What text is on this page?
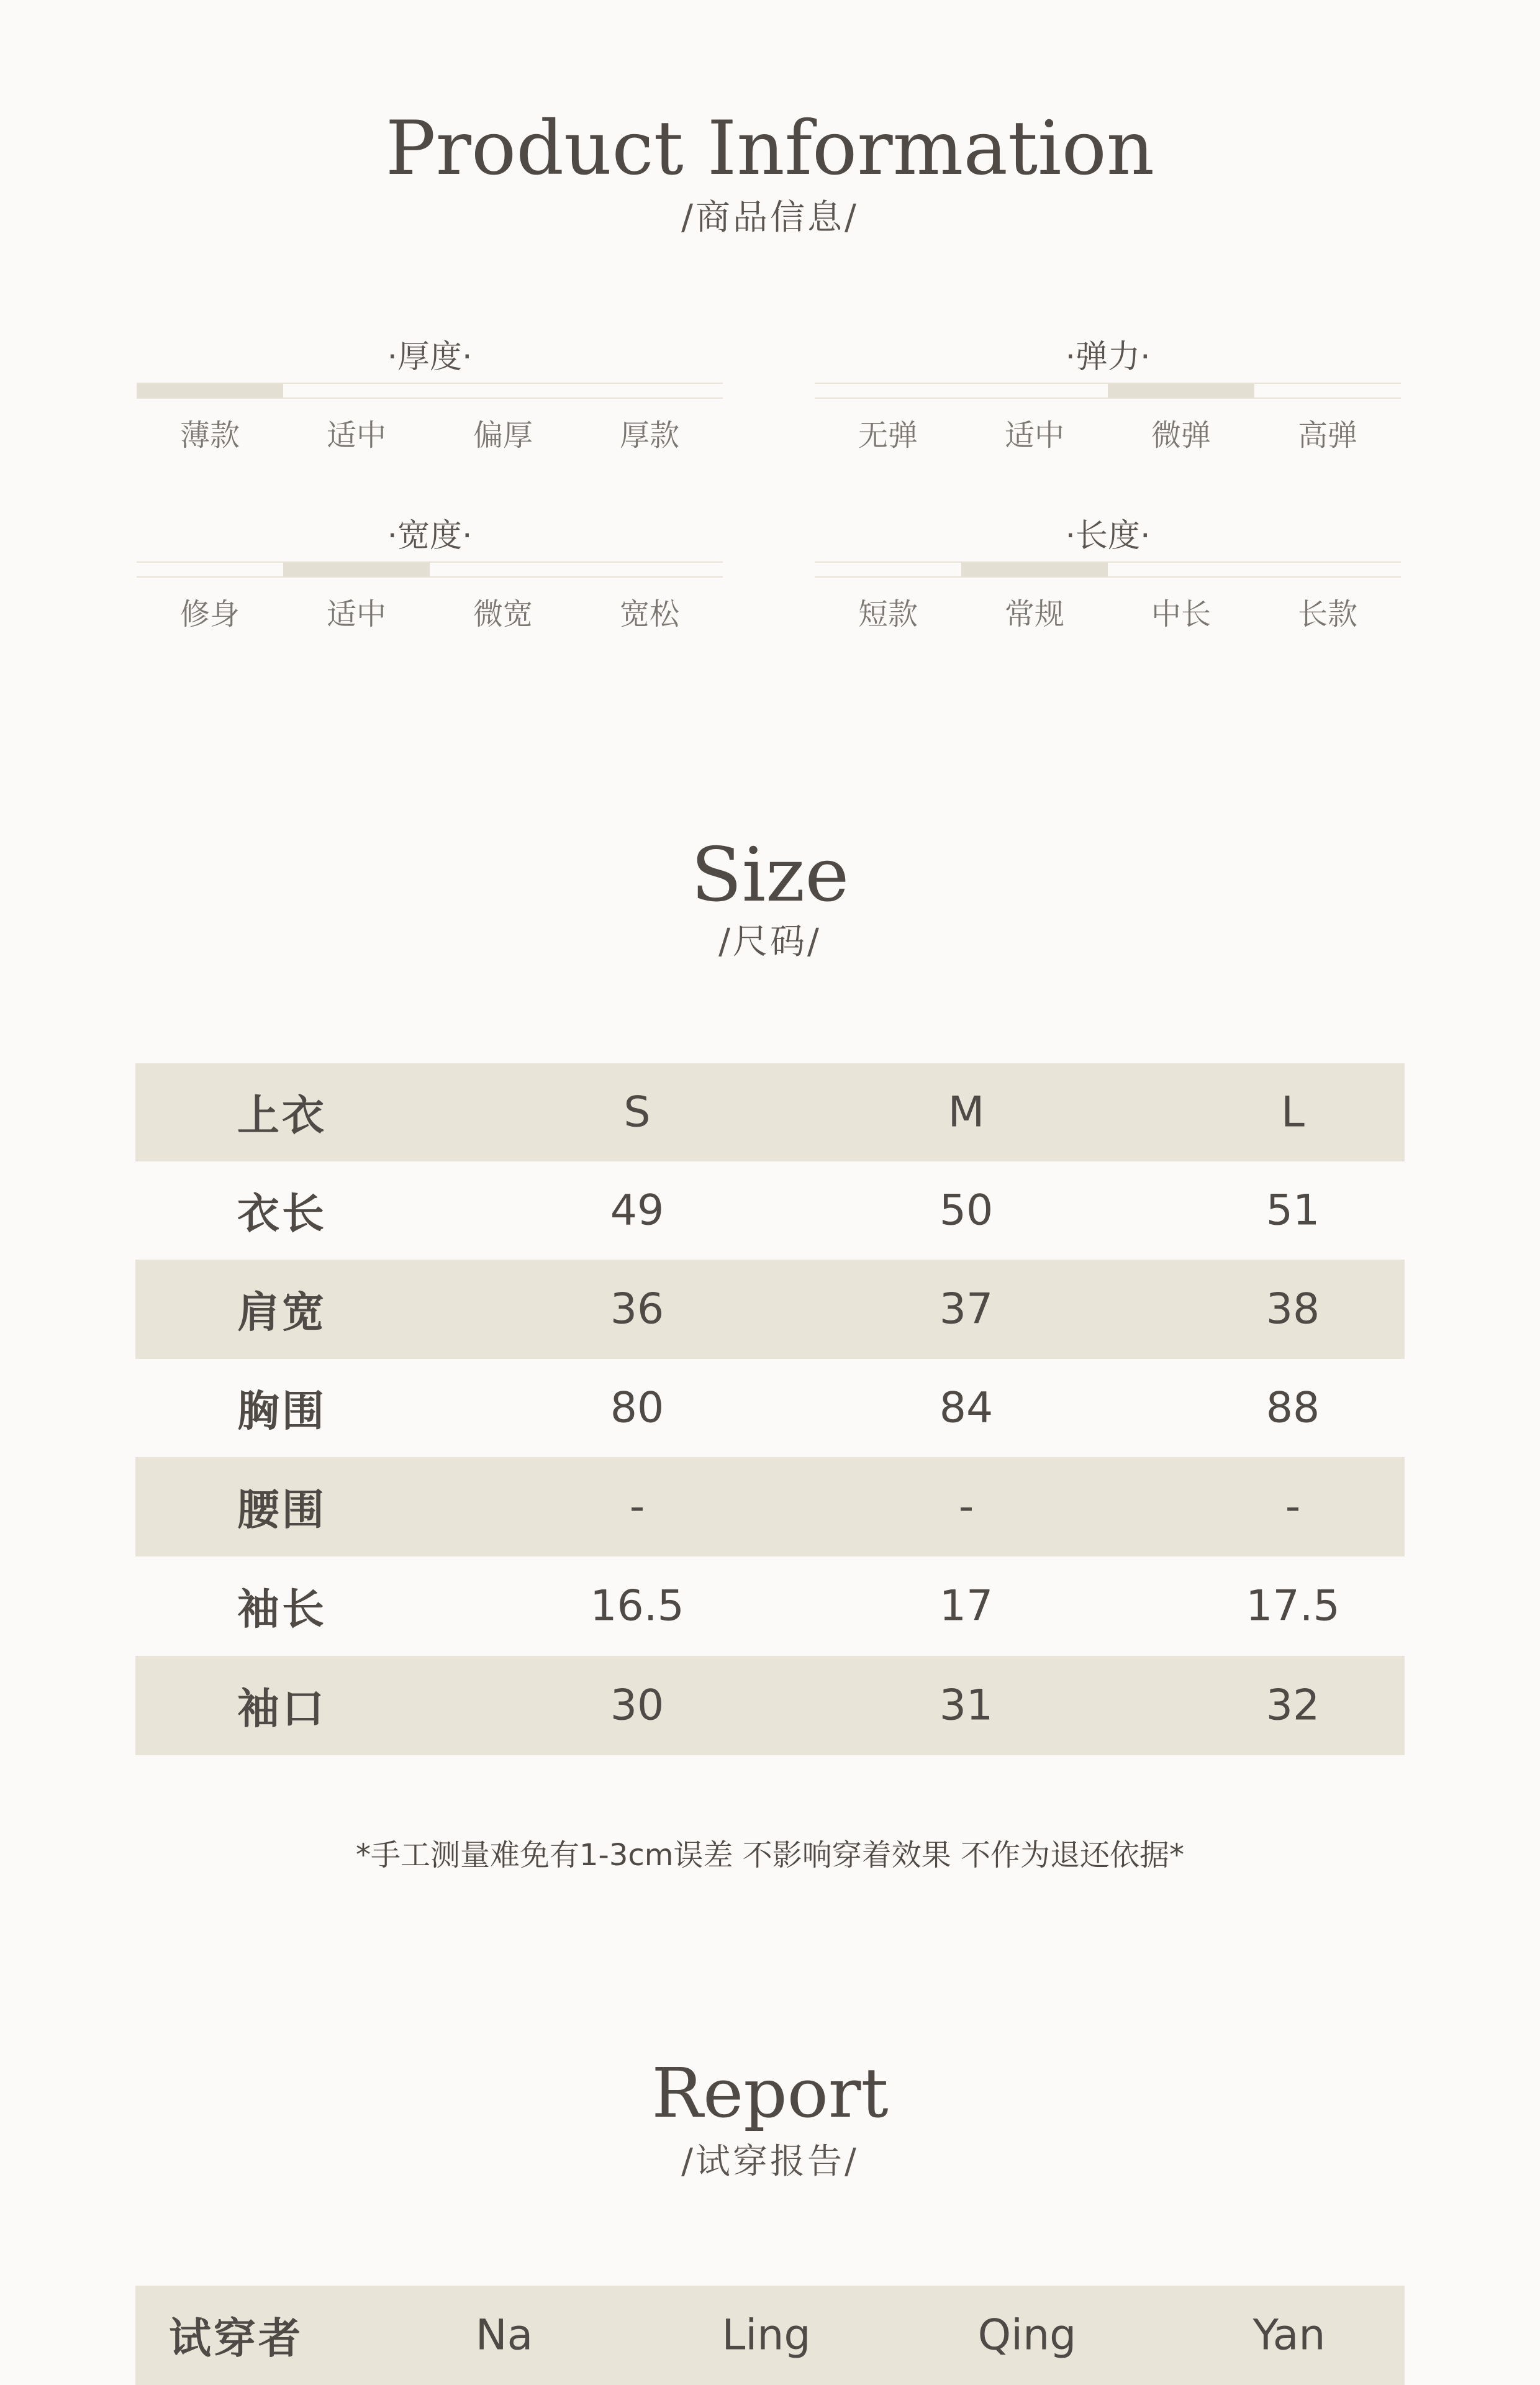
Product Information
/商品信息/
·厚度·
薄款	适中	偏厚	厚款
·弹力·
无弹	适中	微弹	高弹
·宽度·
修身	适中	微宽	宽松
·长度·
短款	常规	中长	长款
Size
/尺码/
上衣	S	M	L
衣长	49	50	51
肩宽	36	37	38
胸围	80	84	88
腰围	-	-	-
袖长	16.5	17	17.5
袖口	30	31	32
*手工测量难免有1-3cm误差 不影响穿着效果 不作为退还依据*
Report
/试穿报告/
试穿者	Na	Ling	Qing	Yan
